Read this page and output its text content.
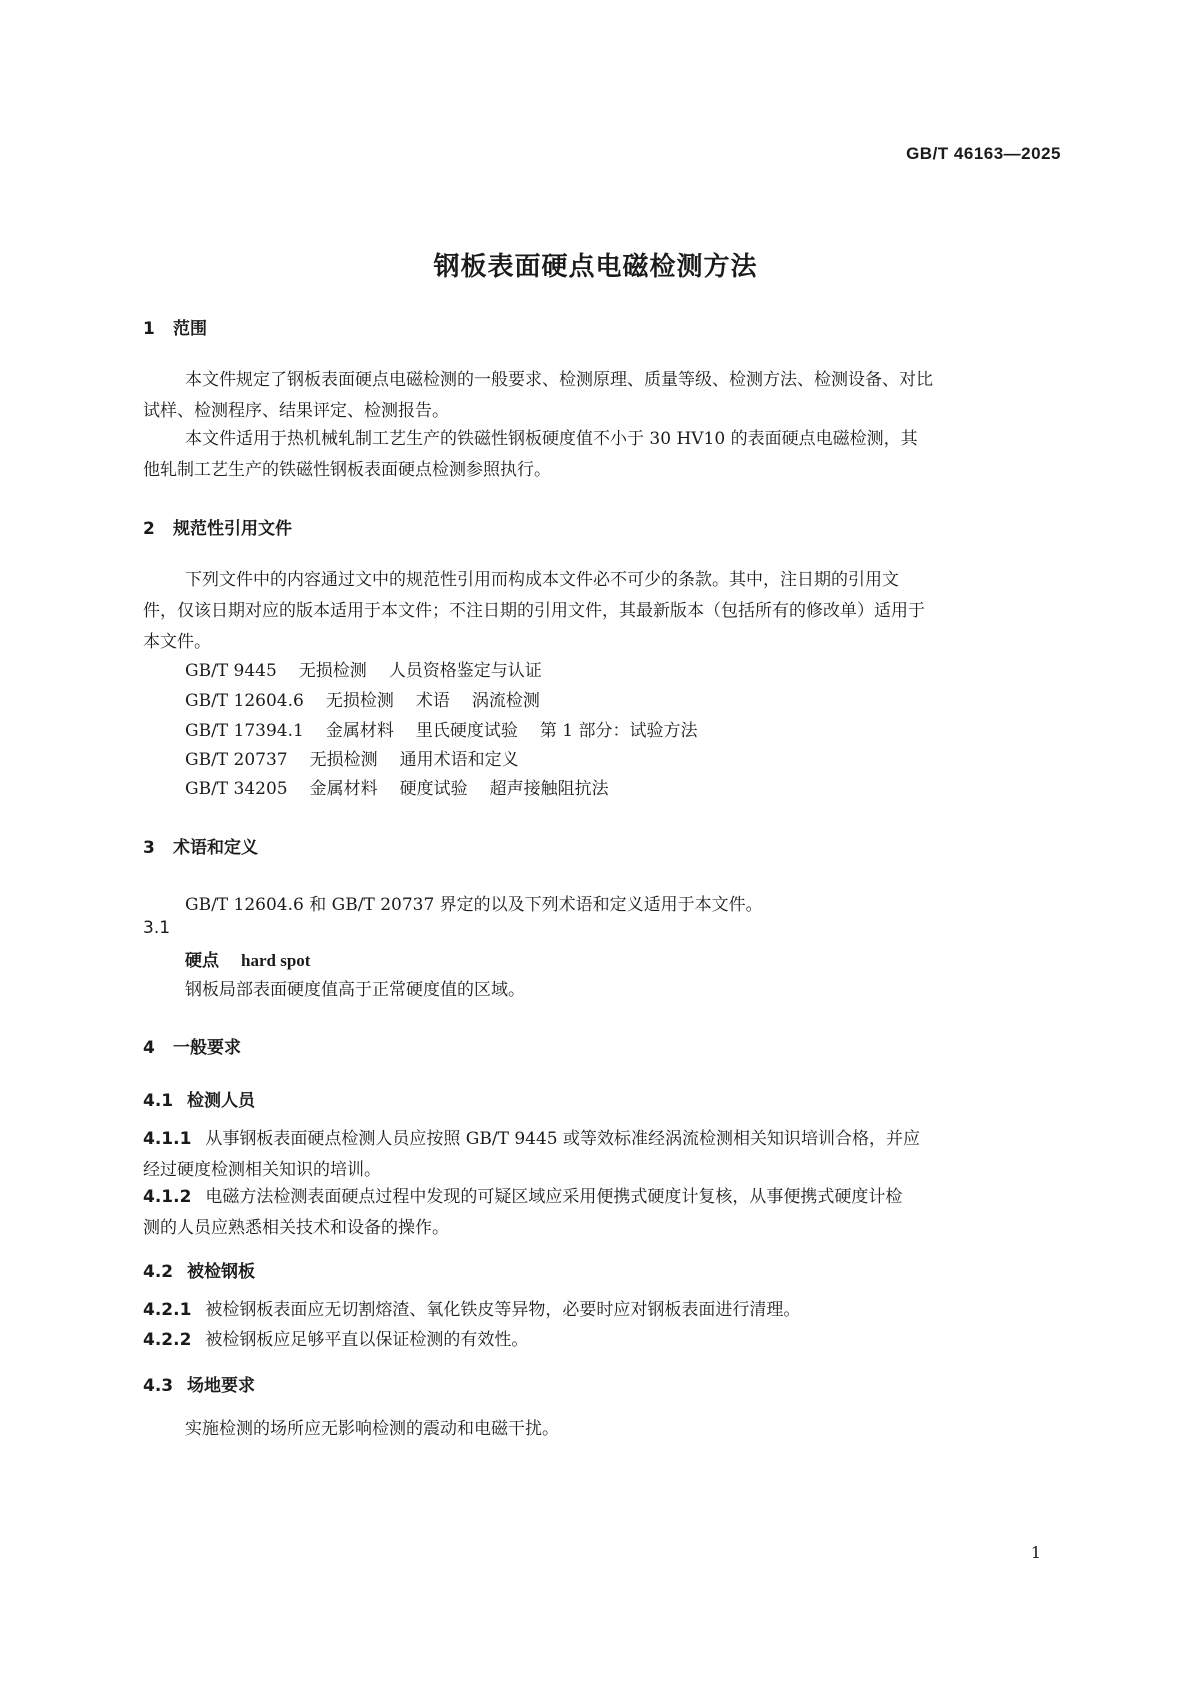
GB/T 46163—2025
钢板表面硬点电磁检测方法
1 范围
本文件规定了钢板表面硬点电磁检测的一般要求、检测原理、质量等级、检测方法、检测设备、对比
试样、检测程序、结果评定、检测报告。
本文件适用于热机械轧制工艺生产的铁磁性钢板硬度值不小于 30 HV10 的表面硬点电磁检测，其
他轧制工艺生产的铁磁性钢板表面硬点检测参照执行。
2 规范性引用文件
下列文件中的内容通过文中的规范性引用而构成本文件必不可少的条款。其中，注日期的引用文
件，仅该日期对应的版本适用于本文件；不注日期的引用文件，其最新版本（包括所有的修改单）适用于
本文件。
GB/T 9445 无损检测 人员资格鉴定与认证
GB/T 12604.6 无损检测 术语 涡流检测
GB/T 17394.1 金属材料 里氏硬度试验 第 1 部分：试验方法
GB/T 20737 无损检测 通用术语和定义
GB/T 34205 金属材料 硬度试验 超声接触阻抗法
3 术语和定义
GB/T 12604.6 和 GB/T 20737 界定的以及下列术语和定义适用于本文件。
3.1
硬点 hard spot
钢板局部表面硬度值高于正常硬度值的区域。
4 一般要求
4.1 检测人员
4.1.1 从事钢板表面硬点检测人员应按照 GB/T 9445 或等效标准经涡流检测相关知识培训合格，并应
经过硬度检测相关知识的培训。
4.1.2 电磁方法检测表面硬点过程中发现的可疑区域应采用便携式硬度计复核，从事便携式硬度计检
测的人员应熟悉相关技术和设备的操作。
4.2 被检钢板
4.2.1 被检钢板表面应无切割熔渣、氧化铁皮等异物，必要时应对钢板表面进行清理。
4.2.2 被检钢板应足够平直以保证检测的有效性。
4.3 场地要求
实施检测的场所应无影响检测的震动和电磁干扰。
1
